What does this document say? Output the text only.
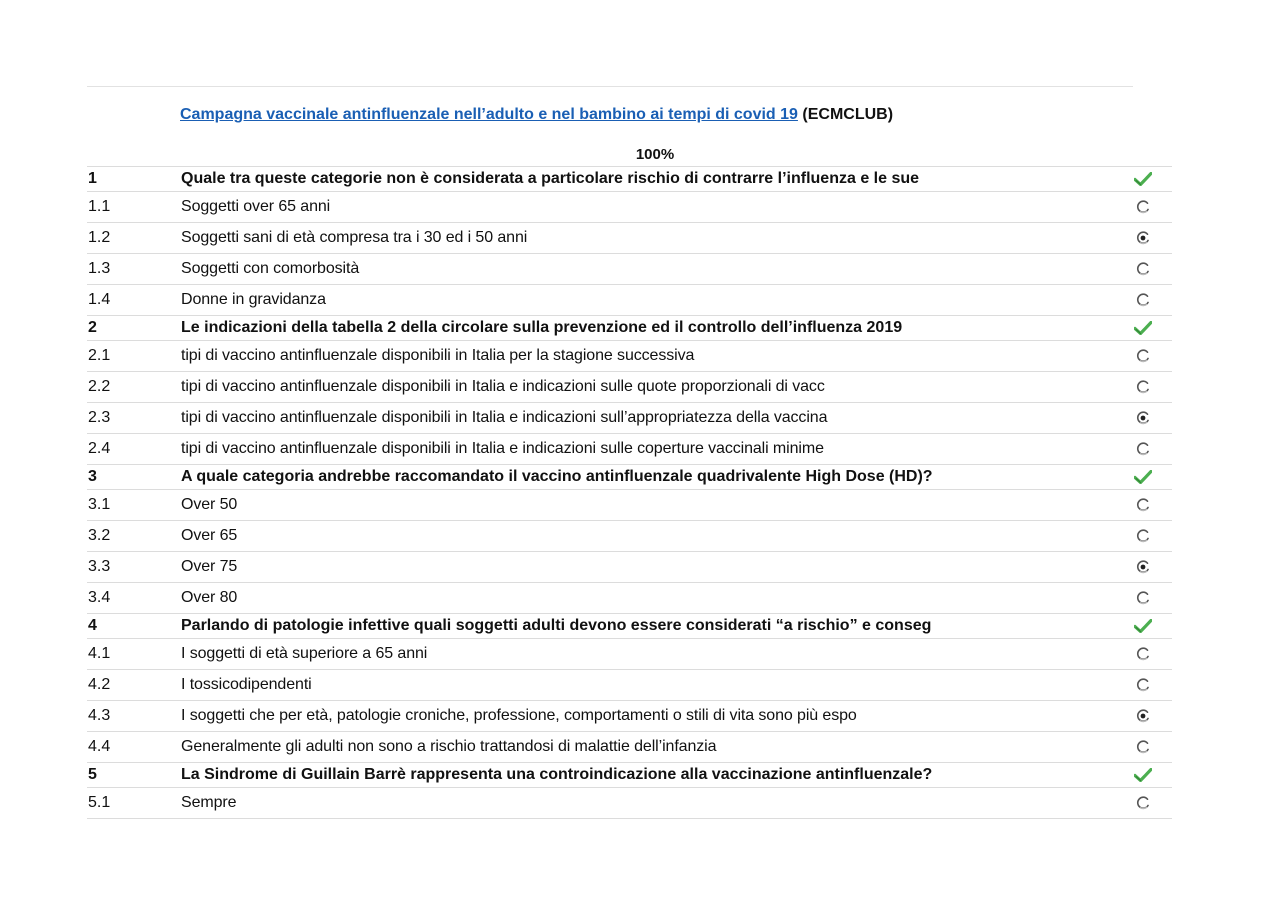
Campagna vaccinale antinfluenzale nell’adulto e nel bambino ai tempi di covid 19 (ECMCLUB)
100%
1	Quale tra queste categorie non è considerata a particolare rischio di contrarre l’influenza e le sue
1.1	Soggetti over 65 anni
1.2	Soggetti sani di età compresa tra i 30 ed i 50 anni
1.3	Soggetti con comorbosità
1.4	Donne in gravidanza
2	Le indicazioni della tabella 2 della circolare sulla prevenzione ed il controllo dell’influenza 2019
2.1	tipi di vaccino antinfluenzale disponibili in Italia per la stagione successiva
2.2	tipi di vaccino antinfluenzale disponibili in Italia e indicazioni sulle quote proporzionali di vacc
2.3	tipi di vaccino antinfluenzale disponibili in Italia e indicazioni sull’appropriatezza della vaccina
2.4	tipi di vaccino antinfluenzale disponibili in Italia e indicazioni sulle coperture vaccinali minime
3	A quale categoria andrebbe raccomandato il vaccino antinfluenzale quadrivalente High Dose (HD)?
3.1	Over 50
3.2	Over 65
3.3	Over 75
3.4	Over 80
4	Parlando di patologie infettive quali soggetti adulti devono essere considerati “a rischio” e conseg
4.1	I soggetti di età superiore a 65 anni
4.2	I tossicodipendenti
4.3	I soggetti che per età, patologie croniche, professione, comportamenti o stili di vita sono più espo
4.4	Generalmente gli adulti non sono a rischio trattandosi di malattie dell’infanzia
5	La Sindrome di Guillain Barrè rappresenta una controindicazione alla vaccinazione antinfluenzale?
5.1	Sempre
